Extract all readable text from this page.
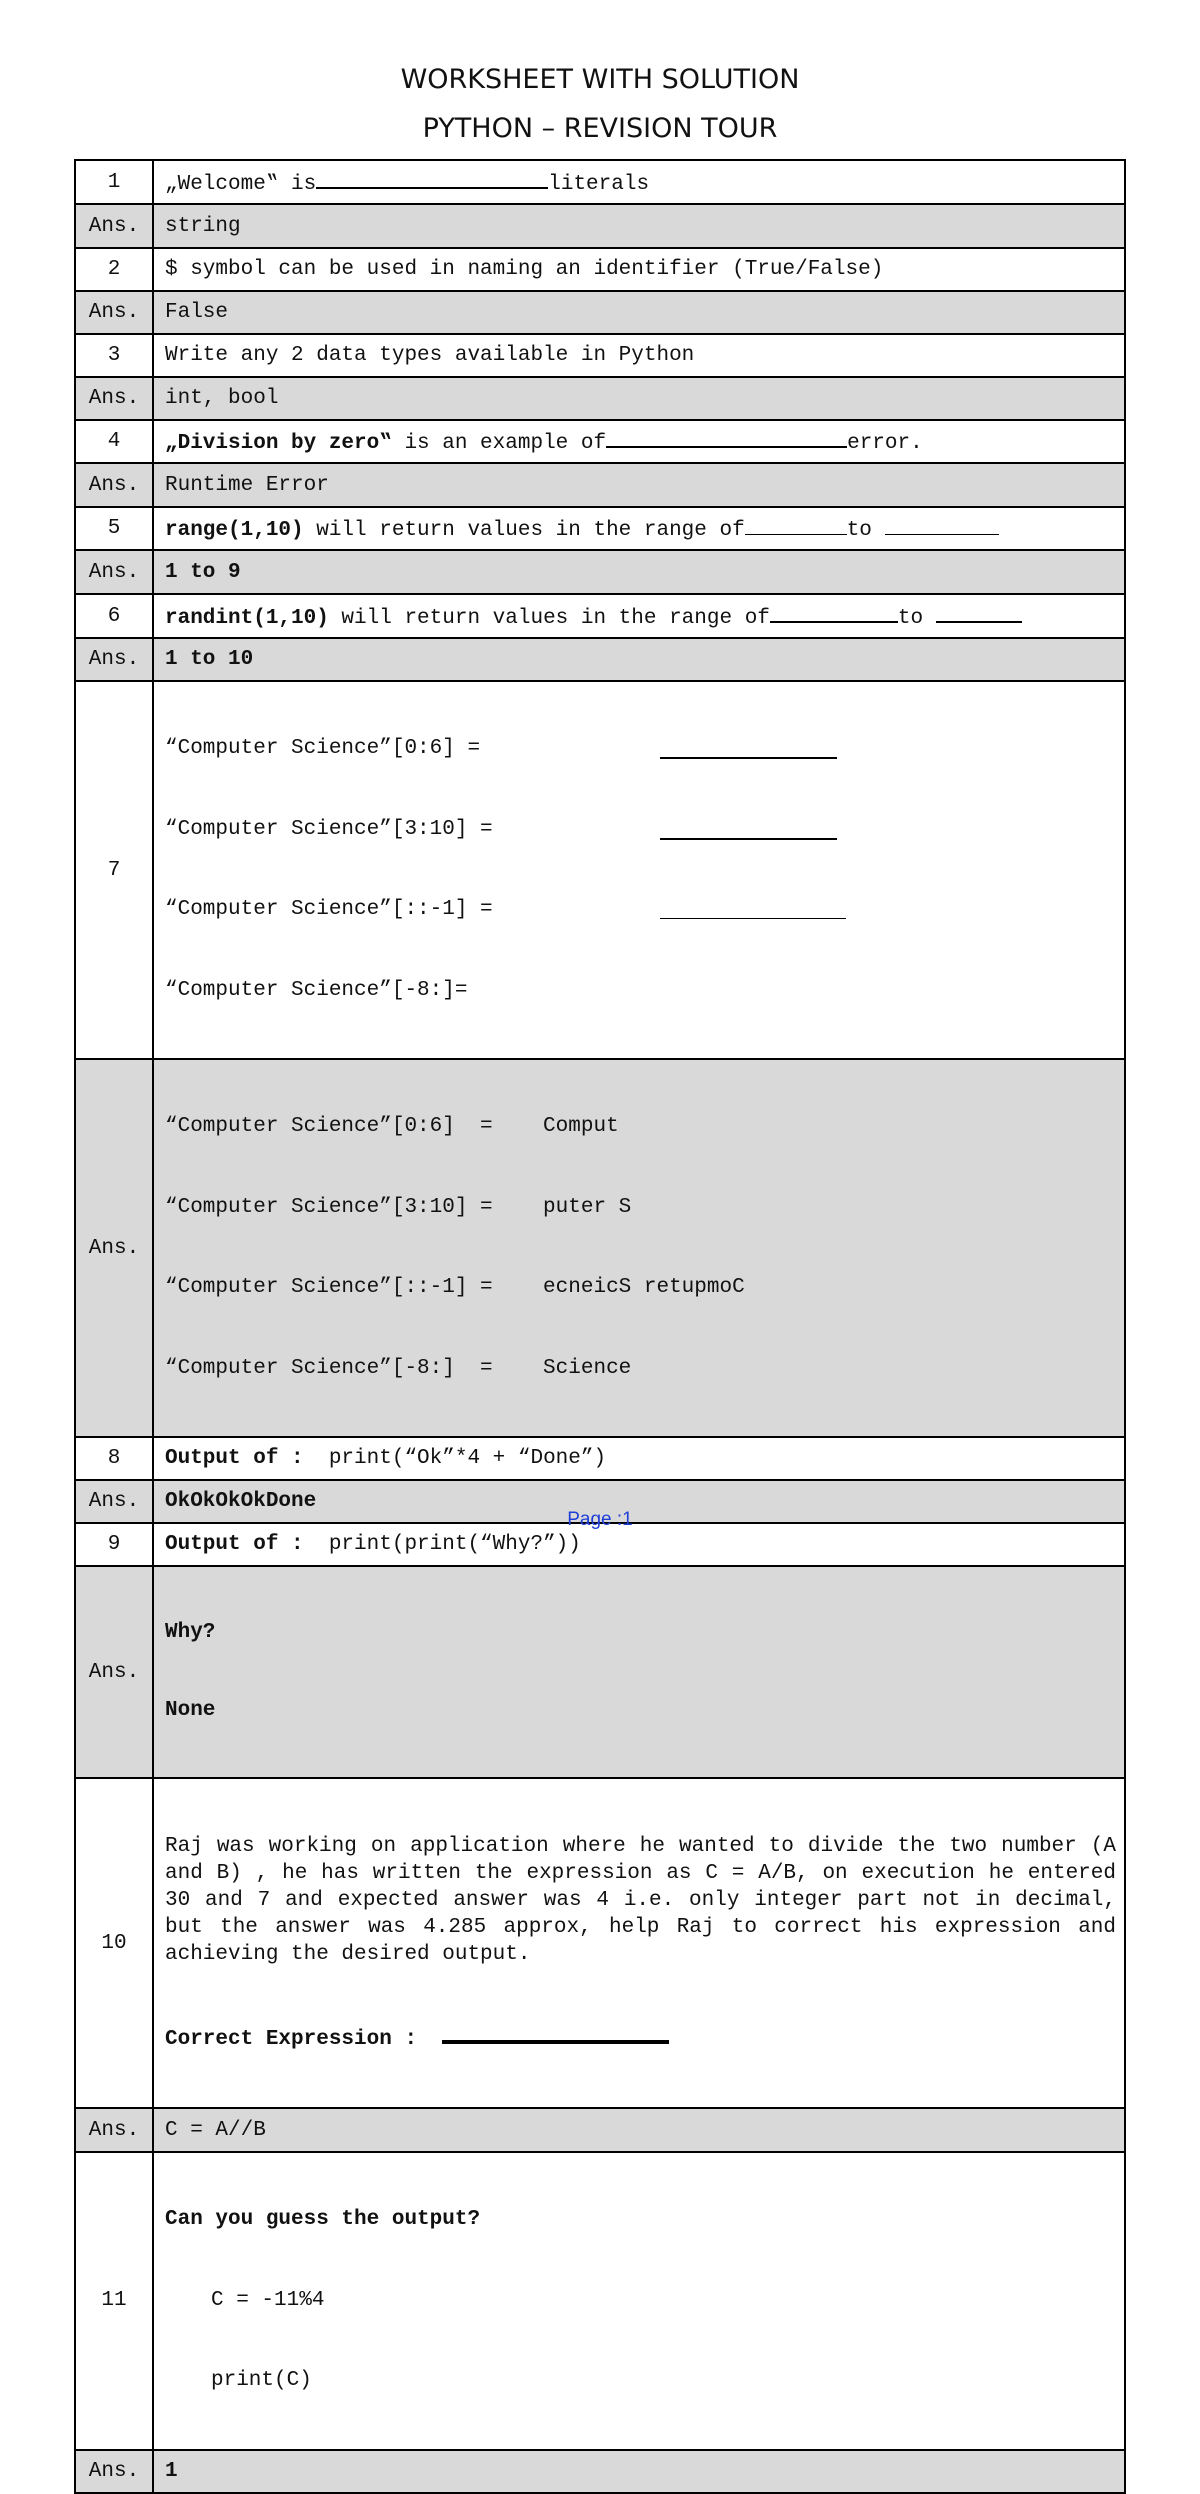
WORKSHEET WITH SOLUTION
PYTHON – REVISION TOUR
1	„Welcome‟ is literals
Ans.	string
2	$ symbol can be used in naming an identifier (True/False)
Ans.	False
3	Write any 2 data types available in Python
Ans.	int, bool
4	„Division by zero‟ is an example of error.
Ans.	Runtime Error
5	range(1,10) will return values in the range of to
Ans.	1 to 9
6	randint(1,10) will return values in the range of to
Ans.	1 to 10
7	“Computer Science”[0:6] =

“Computer Science”[3:10] =

“Computer Science”[::-1] =

“Computer Science”[-8:]=

Ans.	“Computer Science”[0:6]  =    Comput

“Computer Science”[3:10] =    puter S

“Computer Science”[::-1] =    ecneicS retupmoC

“Computer Science”[-8:]  =    Science

8	Output of :  print(“Ok”*4 + “Done”)
Ans.	OkOkOkOkDone
9	Output of :  print(print(“Why?”))
Ans.	Why?

None

10	Raj was working on application where he wanted to divide the two number (A and B) , he has written the expression as C = A/B, on execution he entered 30 and 7 and expected answer was 4 i.e. only integer part not in decimal, but the answer was 4.285 approx, help Raj to correct his expression and achieving the desired output.

Correct Expression :

Ans.	C = A//B
11	Can you guess the output?

C = -11%4

print(C)

Ans.	1
Page :1
